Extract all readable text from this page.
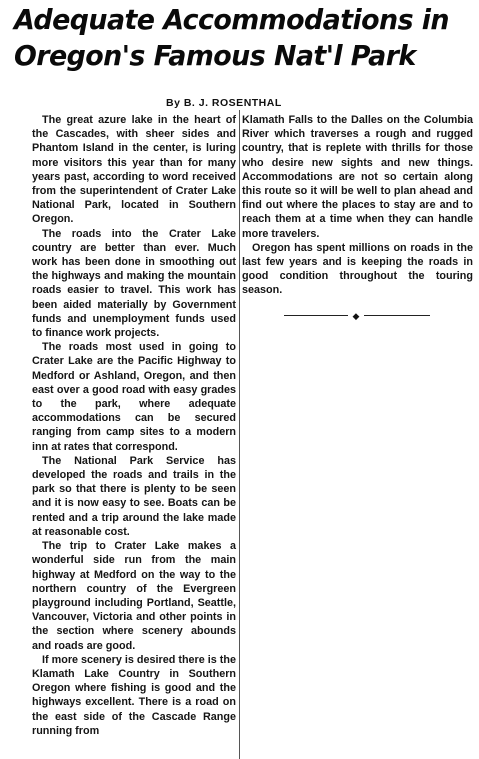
Adequate Accommodations in
Oregon's Famous Nat'l Park
By B. J. ROSENTHAL

The great azure lake in the heart of the Cascades, with sheer sides and Phantom Island in the center, is luring more visitors this year than for many years past, according to word received from the superintendent of Crater Lake National Park, located in Southern Oregon.

The roads into the Crater Lake country are better than ever. Much work has been done in smoothing out the highways and making the mountain roads easier to travel. This work has been aided materially by Government funds and unemployment funds used to finance work projects.

The roads most used in going to Crater Lake are the Pacific Highway to Medford or Ashland, Oregon, and then east over a good road with easy grades to the park, where adequate accommodations can be secured ranging from camp sites to a modern inn at rates that correspond.

The National Park Service has developed the roads and trails in the park so that there is plenty to be seen and it is now easy to see. Boats can be rented and a trip around the lake made at reasonable cost.

The trip to Crater Lake makes a wonderful side run from the main highway at Medford on the way to the northern country of the Evergreen playground including Portland, Seattle, Vancouver, Victoria and other points in the section where scenery abounds and roads are good.

If more scenery is desired there is the Klamath Lake Country in Southern Oregon where fishing is good and the highways excellent. There is a road on the east side of the Cascade Range running from

Klamath Falls to the Dalles on the Columbia River which traverses a rough and rugged country, that is replete with thrills for those who desire new sights and new things. Accommodations are not so certain along this route so it will be well to plan ahead and find out where the places to stay are and to reach them at a time when they can handle more travelers.

Oregon has spent millions on roads in the last few years and is keeping the roads in good condition throughout the touring season.

◆
